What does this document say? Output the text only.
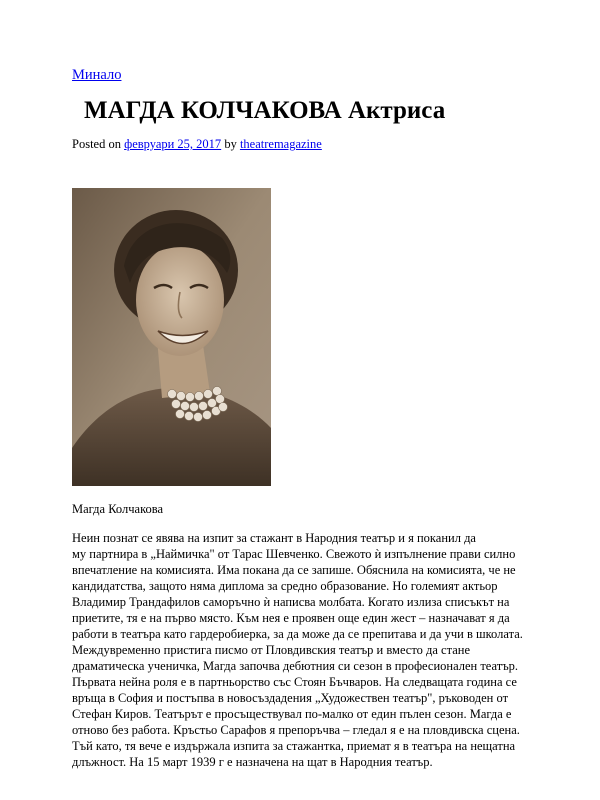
Минало
МАГДА КОЛЧАКОВА Актриса
Posted on февруари 25, 2017 by theatremagazine
Магда Колчакова
Неин познат се явява на изпит за стажант в Народния театър и я поканил да
му партнира в „Наймичка" от Тарас Шевченко. Свежото ѝ изпълнение прави силно
впечатление на комисията. Има покана да се запише. Обяснила на комисията, че не
кандидатства, защото няма диплома за средно образование. Но големият актьор
Владимир Трандафилов саморъчно ѝ написва молбата. Когато излиза списъкът на
приетите, тя е на първо място. Към нея е проявен още един жест – назначават я да
работи в театъра като гардеробиерка, за да може да се препитава и да учи в школата.
Междувременно пристига писмо от Пловдивския театър и вместо да стане
драматическа ученичка, Магда започва дебютния си сезон в професионален театър.
Първата нейна роля е в партньорство със Стоян Бъчваров. На следващата година се
връща в София и постъпва в новосъздадения „Художествен театър", ръководен от
Стефан Киров. Театърът е просъществувал по-малко от един пълен сезон. Магда е
отново без работа. Кръстьо Сарафов я препоръчва – гледал я е на пловдивска сцена.
Тъй като, тя вече е издържала изпита за стажантка, приемат я в театъра на нещатна
длъжност. На 15 март 1939 г е назначена на щат в Народния театър.
